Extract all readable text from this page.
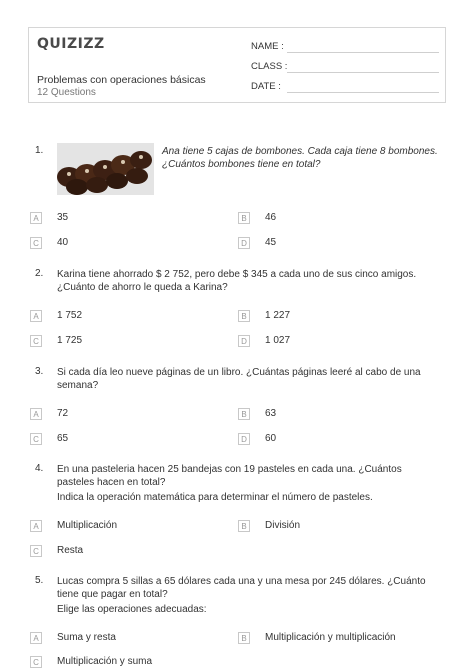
QUIZIZZ
Problemas con operaciones básicas
12 Questions
NAME :
CLASS :
DATE :
1.	Ana tiene 5 cajas de bombones. Cada caja tiene 8 bombones. ¿Cuántos bombones tiene en total?
A	35	B	46
C	40	D	45
2. Karina tiene ahorrado $ 2 752, pero debe $ 345 a cada uno de sus cinco amigos. ¿Cuánto de ahorro le queda a Karina?
A	1 752	B	1 227
C	1 725	D	1 027
3. Si cada día leo nueve páginas de un libro. ¿Cuántas páginas leeré al cabo de una semana?
A	72	B	63
C	65	D	60
4. En una pasteleria hacen 25 bandejas con 19 pasteles en cada una. ¿Cuántos pasteles hacen en total?
Indica la operación matemática para determinar el número de pasteles.
A	Multiplicación	B	División
C	Resta
5. Lucas compra 5 sillas a 65 dólares cada una y una mesa por 245 dólares. ¿Cuánto tiene que pagar en total?
Elige las operaciones adecuadas:
A	Suma y resta	B	Multiplicación y multiplicación
C	Multiplicación y suma
